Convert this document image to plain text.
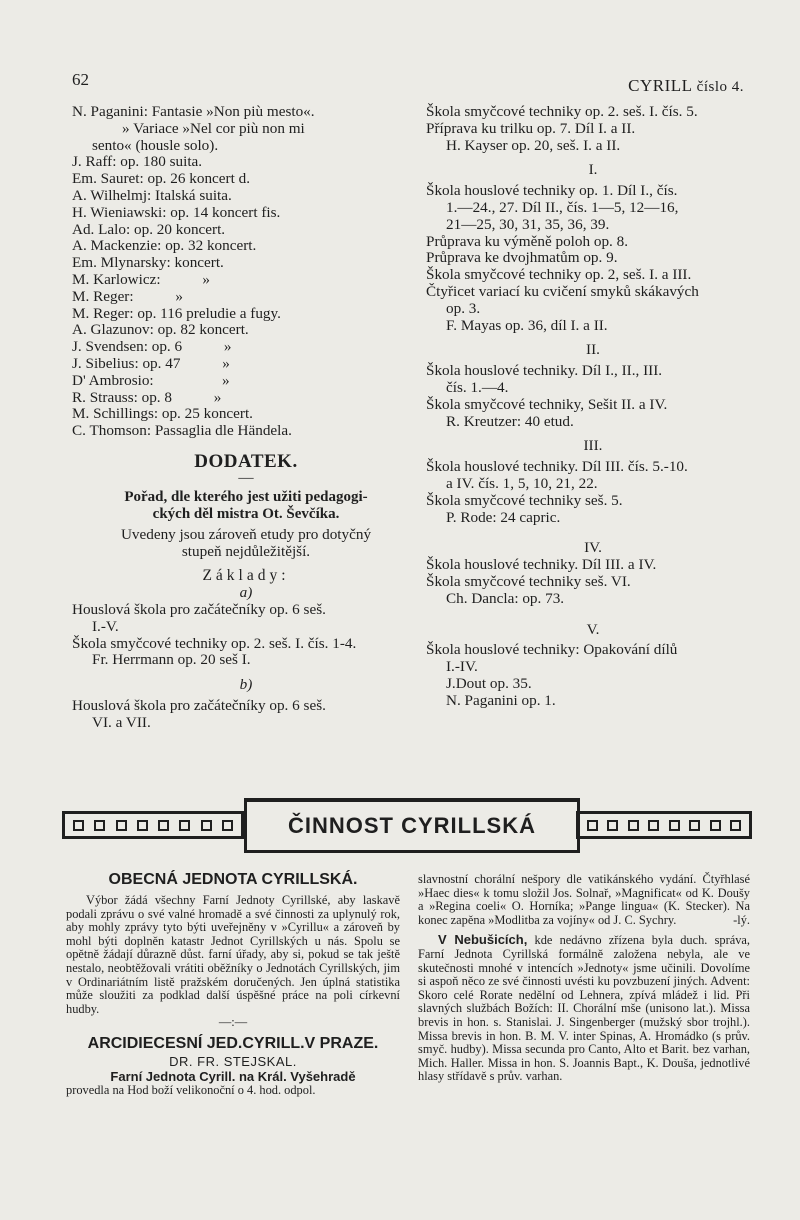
62	CYRILL číslo 4.
N. Paganini: Fantasie »Non più mesto«.
» Variace »Nel cor più non mi
sento« (housle solo).
J. Raff: op. 180 suita.
Em. Sauret: op. 26 koncert d.
A. Wilhelmj: Italská suita.
H. Wieniawski: op. 14 koncert fis.
Ad. Lalo: op. 20 koncert.
A. Mackenzie: op. 32 koncert.
Em. Mlynarsky: koncert.
M. Karlowicz:           »
M. Reger:           »
M. Reger: op. 116 preludie a fugy.
A. Glazunov: op. 82 koncert.
J. Svendsen: op. 6           »
J. Sibelius: op. 47           »
D' Ambrosio:                  »
R. Strauss: op. 8           »
M. Schillings: op. 25 koncert.
C. Thomson: Passaglia dle Händela.
DODATEK.
—
Pořad, dle kterého jest užiti pedagogi-
ckých děl mistra Ot. Ševčíka.
Uvedeny jsou zároveň etudy pro dotyčný
stupeň nejdůležitější.
Základy:
a)
Houslová škola pro začátečníky op. 6 seš.
I.-V.
Škola smyčcové techniky op. 2. seš. I. čís. 1-4.
Fr. Herrmann op. 20 seš I.
b)
Houslová škola pro začátečníky op. 6 seš.
VI. a VII.
Škola smyčcové techniky op. 2. seš. I. čís. 5.
Příprava ku trilku op. 7. Díl I. a II.
H. Kayser op. 20, seš. I. a II.
I.
Škola houslové techniky op. 1. Díl I., čís.
1.—24., 27. Díl II., čís. 1—5, 12—16,
21—25, 30, 31, 35, 36, 39.
Průprava ku výměně poloh op. 8.
Průprava ke dvojhmatům op. 9.
Škola smyčcové techniky op. 2, seš. I. a III.
Čtyřicet variací ku cvičení smyků skákavých
op. 3.
F. Mayas op. 36, díl I. a II.
II.
Škola houslové techniky. Díl I., II., III.
čís. 1.—4.
Škola smyčcové techniky, Sešit II. a IV.
R. Kreutzer: 40 etud.
III.
Škola houslové techniky. Díl III. čís. 5.-10.
a IV. čís. 1, 5, 10, 21, 22.
Škola smyčcové techniky seš. 5.
P. Rode: 24 capric.
IV.
Škola houslové techniky. Díl III. a IV.
Škola smyčcové techniky seš. VI.
Ch. Dancla: op. 73.
V.
Škola houslové techniky: Opakování dílů
I.-IV.
J.Dout op. 35.
N. Paganini op. 1.
ČINNOST CYRILLSKÁ
OBECNÁ JEDNOTA CYRILLSKÁ.

Výbor žádá všechny Farní Jednoty Cyrillské, aby laskavě podali zprávu o své valné hromadě a své činnosti za uplynulý rok, aby mohly zprávy tyto býti uveřejněny v »Cyrillu« a zároveň by mohl býti doplněn katastr Jednot Cyrillských u nás. Spolu se opětně žádají důrazně důst. farní úřady, aby si, pokud se tak ještě nestalo, neobtěžovali vrátiti oběžníky o Jednotách Cyrillských, jim v Ordinariátním listě pražském doručených. Jen úplná statistika může sloužiti za podklad další úspěšné práce na poli církevní hudby.

—:—
ARCIDIECESNÍ JED.CYRILL.V PRAZE.
DR. FR. STEJSKAL.
Farní Jednota Cyrill. na Král. Vyšehradě

provedla na Hod boží velikonoční o 4. hod. odpol.

slavnostní chorální nešpory dle vatikánského vydání. Čtyřhlasé »Haec dies« k tomu složil Jos. Solnař, »Magnificat« od K. Doušy a »Regina coeli« O. Horníka; »Pange lingua« (K. Stecker). Na konec zapěna »Modlitba za vojíny« od J. C. Sychry.	-lý.

V Nebušicích, kde nedávno zřízena byla duch. správa, Farní Jednota Cyrillská formálně založena nebyla, ale ve skutečnosti mnohé v intencích »Jednoty« jsme učinili. Dovolíme si aspoň něco ze své činnosti uvésti ku povzbuzení jiných. Advent: Skoro celé Rorate nedělní od Lehnera, zpívá mládež i lid. Při slavných službách Božích: II. Chorální mše (unisono lat.). Missa brevis in hon. s. Stanislai. J. Singenberger (mužský sbor trojhl.). Missa brevis in hon. B. M. V. inter Spinas, A. Hromádko (s prův. smyč. hudby). Missa secunda pro Canto, Alto et Barit. bez varhan, Mich. Haller. Missa in hon. S. Joannis Bapt., K. Douša, jednotlivé hlasy střídavě s prův. varhan.
